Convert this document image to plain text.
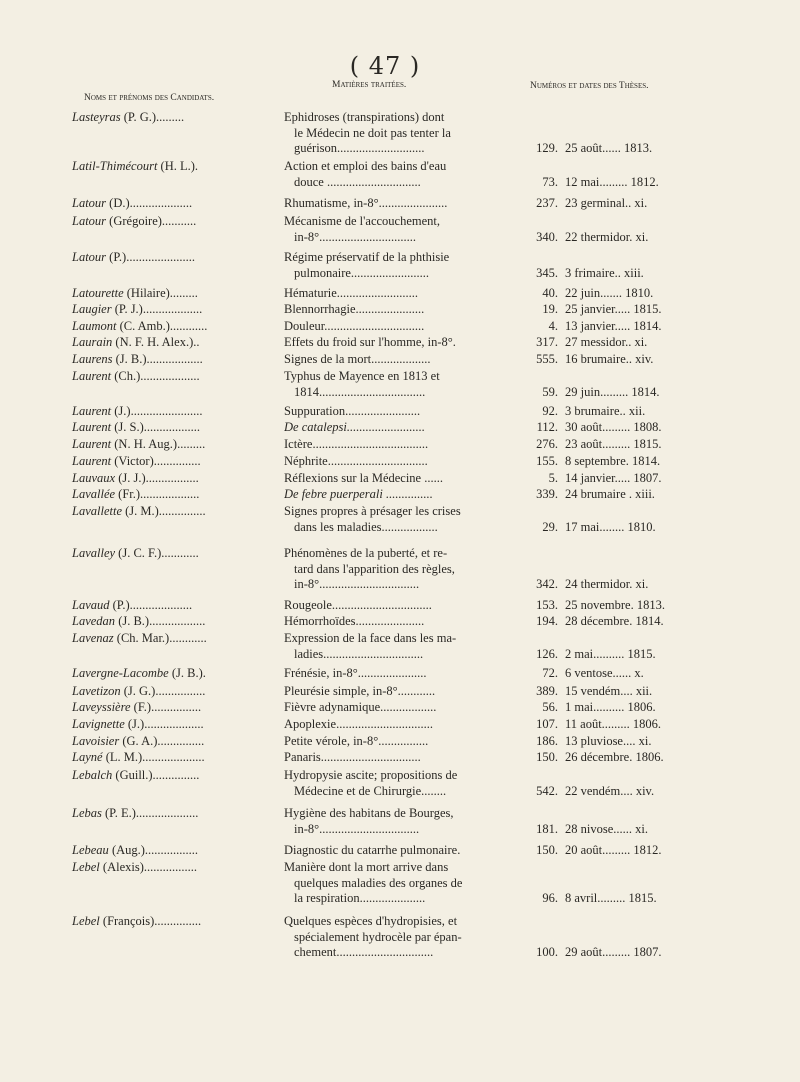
( 47 )
Noms et prénoms des Candidats.
Matières traitées.	Numéros et dates des Thèses.
Lasteyras (P. G.).........	Ephidroses (transpirations) dont
le Médecin ne doit pas tenter la
guérison............................	129. 25 août...... 1813.
Latil-Thimécourt (H. L.).	Action et emploi des bains d'eau
douce ..............................	73. 12 mai......... 1812.
Latour (D.)....................	Rhumatisme, in-8°......................	237. 23 germinal.. xi.
Latour (Grégoire)...........	Mécanisme de l'accouchement,
in-8°...............................	340. 22 thermidor. xi.
Latour (P.)......................	Régime préservatif de la phthisie
pulmonaire.........................	345. 3 frimaire.. xiii.
Latourette (Hilaire).........	Hématurie..........................	40. 22 juin....... 1810.
Laugier (P. J.)...................	Blennorrhagie......................	19. 25 janvier..... 1815.
Laumont (C. Amb.)............	Douleur................................	4. 13 janvier..... 1814.
Laurain (N. F. H. Alex.)..	Effets du froid sur l'homme, in-8°.	317. 27 messidor.. xi.
Laurens (J. B.)..................	Signes de la mort...................	555. 16 brumaire.. xiv.
Laurent (Ch.)...................	Typhus de Mayence en 1813 et
1814..................................	59. 29 juin......... 1814.
Laurent (J.).......................	Suppuration........................	92. 3 brumaire.. xii.
Laurent (J. S.)..................	De catalepsi.........................	112. 30 août......... 1808.
Laurent (N. H. Aug.).........	Ictère.....................................	276. 23 août......... 1815.
Laurent (Victor)...............	Néphrite................................	155. 8 septembre. 1814.
Lauvaux (J. J.).................	Réflexions sur la Médecine ......	5. 14 janvier..... 1807.
Lavallée (Fr.)...................	De febre puerperali ...............	339. 24 brumaire . xiii.
Lavallette (J. M.)...............	Signes propres à présager les crises
dans les maladies..................	29. 17 mai........ 1810.
Lavalley (J. C. F.)............	Phénomènes de la puberté, et re-
tard dans l'apparition des règles,
in-8°................................	342. 24 thermidor. xi.
Lavaud (P.)....................	Rougeole................................	153. 25 novembre. 1813.
Lavedan (J. B.)..................	Hémorrhoïdes......................	194. 28 décembre. 1814.
Lavenaz (Ch. Mar.)............	Expression de la face dans les ma-
ladies................................	126. 2 mai.......... 1815.
Lavergne-Lacombe (J. B.).	Frénésie, in-8°......................	72. 6 ventose...... x.
Lavetizon (J. G.)................	Pleurésie simple, in-8°............	389. 15 vendém.... xii.
Laveyssière (F.)................	Fièvre adynamique..................	56. 1 mai.......... 1806.
Lavignette (J.)...................	Apoplexie...............................	107. 11 août......... 1806.
Lavoisier (G. A.)...............	Petite vérole, in-8°................	186. 13 pluviose.... xi.
Layné (L. M.)....................	Panaris................................	150. 26 décembre. 1806.
Lebalch (Guill.)...............	Hydropysie ascite; propositions de
Médecine et de Chirurgie........	542. 22 vendém.... xiv.
Lebas (P. E.)....................	Hygiène des habitans de Bourges,
in-8°................................	181. 28 nivose...... xi.
Lebeau (Aug.).................	Diagnostic du catarrhe pulmonaire.	150. 20 août......... 1812.
Lebel (Alexis).................	Manière dont la mort arrive dans
quelques maladies des organes de
la respiration.....................	96. 8 avril......... 1815.
Lebel (François)...............	Quelques espèces d'hydropisies, et
spécialement hydrocèle par épan-
chement...............................	100. 29 août......... 1807.
